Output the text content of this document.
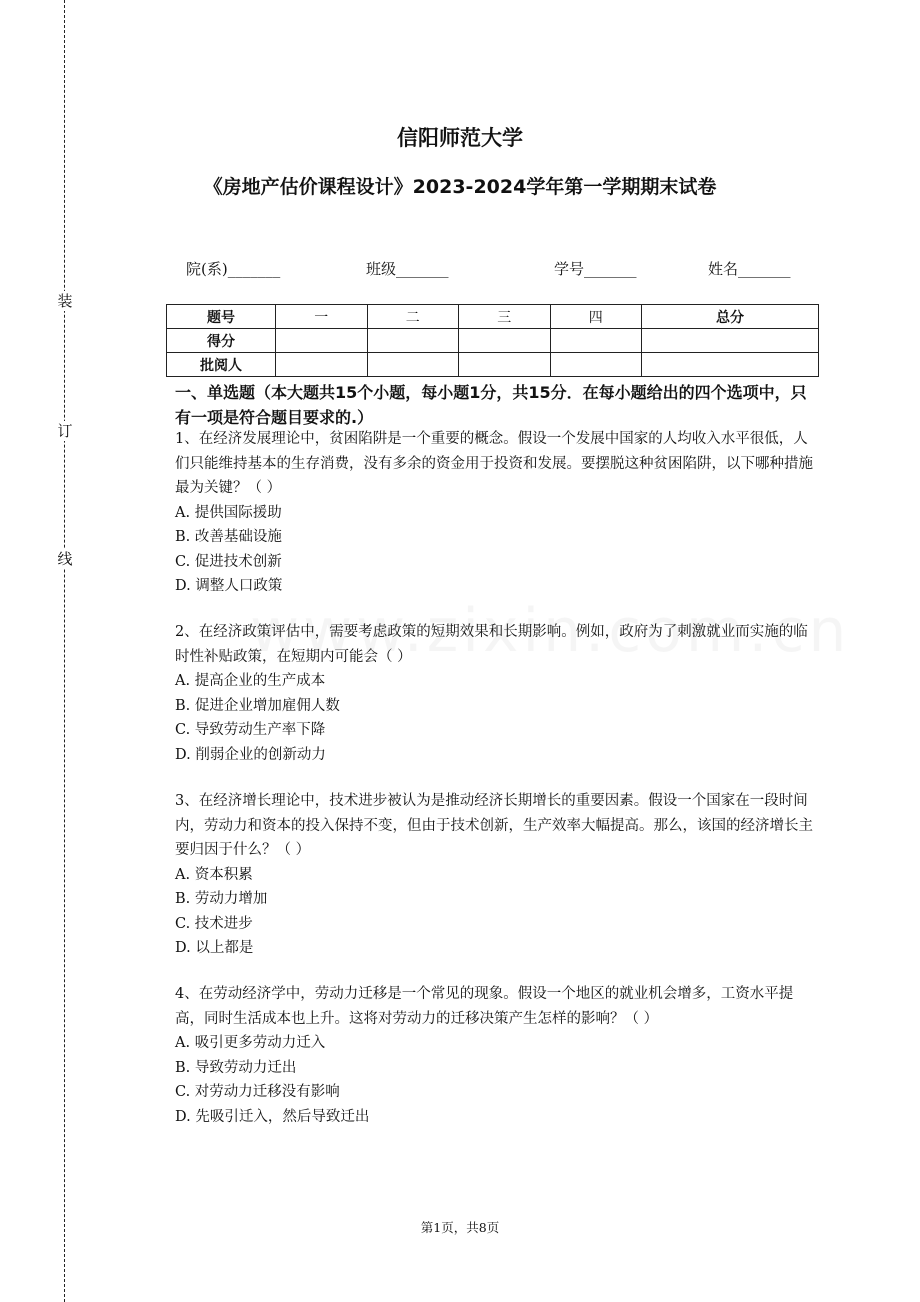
装
订
线
信阳师范大学
《房地产估价课程设计》2023-2024学年第一学期期末试卷
院(系)_______	班级_______	学号_______	姓名_______
题号	一	二	三	四	总分
得分					
批阅人					
一、单选题（本大题共15个小题，每小题1分，共15分．在每小题给出的四个选项中，只有一项是符合题目要求的.）

1、在经济发展理论中，贫困陷阱是一个重要的概念。假设一个发展中国家的人均收入水平很低，人们只能维持基本的生存消费，没有多余的资金用于投资和发展。要摆脱这种贫困陷阱，以下哪种措施最为关键？（ ）

A. 提供国际援助

B. 改善基础设施

C. 促进技术创新

D. 调整人口政策

2、在经济政策评估中，需要考虑政策的短期效果和长期影响。例如，政府为了刺激就业而实施的临时性补贴政策，在短期内可能会（ ）

A. 提高企业的生产成本

B. 促进企业增加雇佣人数

C. 导致劳动生产率下降

D. 削弱企业的创新动力

3、在经济增长理论中，技术进步被认为是推动经济长期增长的重要因素。假设一个国家在一段时间内，劳动力和资本的投入保持不变，但由于技术创新，生产效率大幅提高。那么，该国的经济增长主要归因于什么？（ ）

A. 资本积累

B. 劳动力增加

C. 技术进步

D. 以上都是

4、在劳动经济学中，劳动力迁移是一个常见的现象。假设一个地区的就业机会增多，工资水平提高，同时生活成本也上升。这将对劳动力的迁移决策产生怎样的影响？（ ）

A. 吸引更多劳动力迁入

B. 导致劳动力迁出

C. 对劳动力迁移没有影响

D. 先吸引迁入，然后导致迁出

第1页，共8页
